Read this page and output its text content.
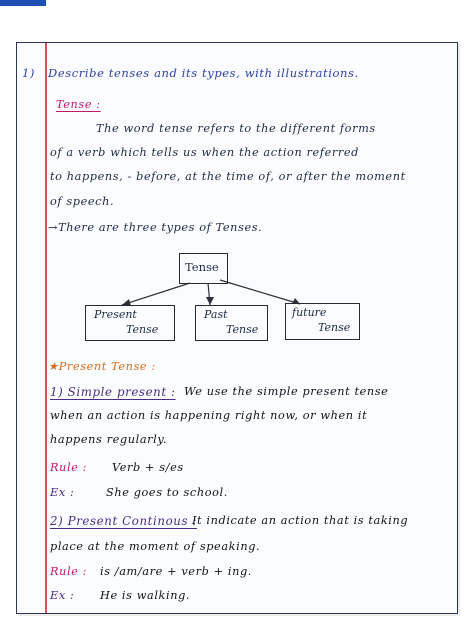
1) Describe tenses and its types, with illustrations.
Tense :
The word tense refers to the different forms
of a verb which tells us when the action referred
to happens, - before, at the time of, or after the moment
of speech.
→There are three types of Tenses.
Tense
Present
Tense
Past
Tense
future
Tense
★Present Tense :
1) Simple present : We use the simple present tense
when an action is happening right now, or when it
happens regularly.
Rule : Verb + s/es
Ex :	She goes to school.
2) Present Continous :
It indicate an action that is taking
place at the moment of speaking.
Rule : is /am/are + verb + ing.
Ex : He is walking.
